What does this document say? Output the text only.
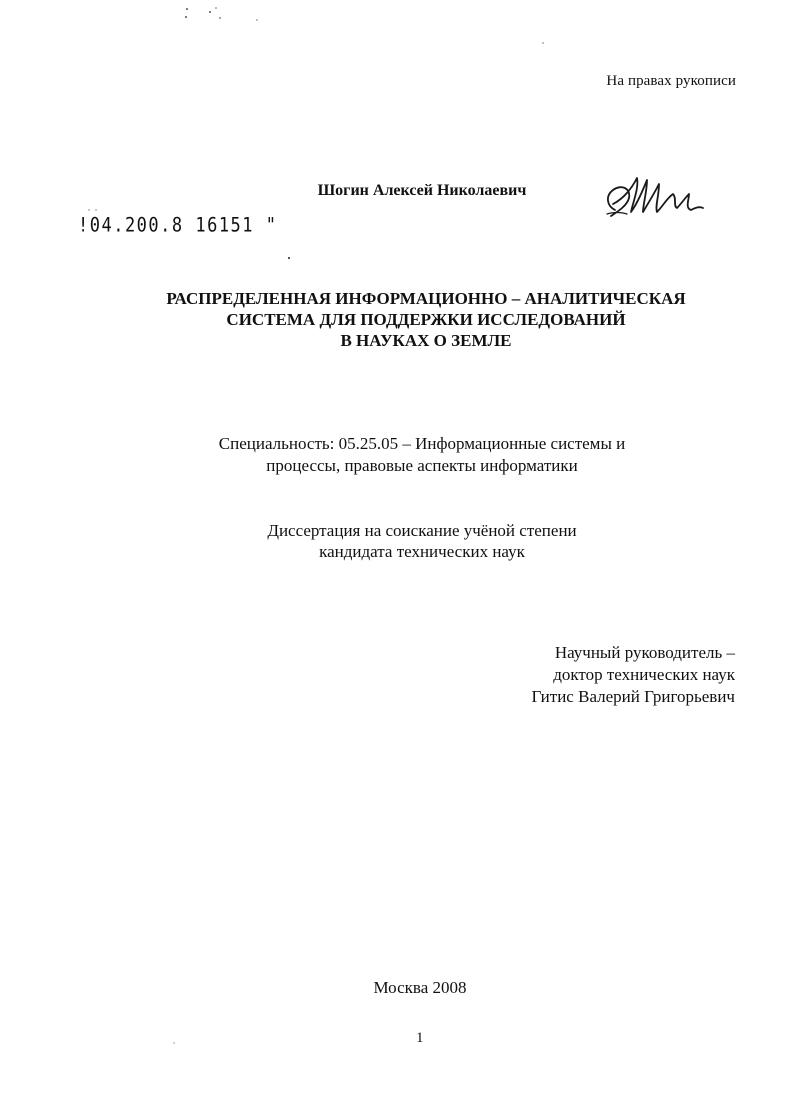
На правах рукописи
Шогин Алексей Николаевич
!04.200.8 16151 "
РАСПРЕДЕЛЕННАЯ ИНФОРМАЦИОННО – АНАЛИТИЧЕСКАЯ
СИСТЕМА ДЛЯ ПОДДЕРЖКИ ИССЛЕДОВАНИЙ
В НАУКАХ О ЗЕМЛЕ
Специальность: 05.25.05 – Информационные системы и
процессы, правовые аспекты информатики
Диссертация на соискание учёной степени
кандидата технических наук
Научный руководитель –
доктор технических наук
Гитис Валерий Григорьевич
Москва 2008
1
